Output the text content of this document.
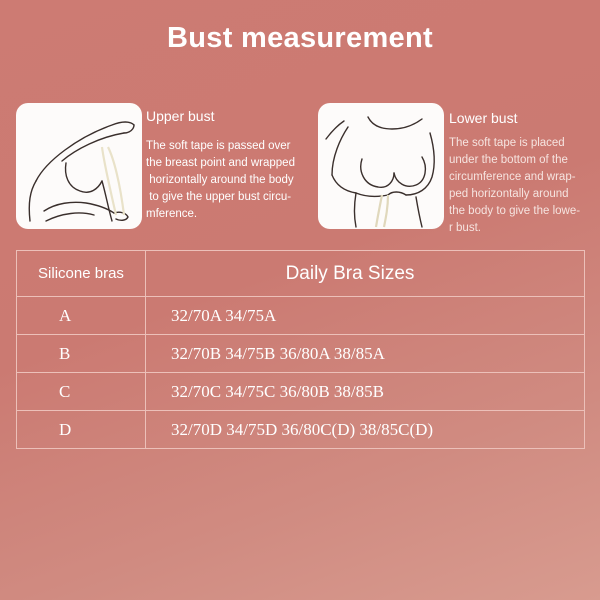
Bust measurement
Upper bust
The soft tape is passed over
the breast point and wrapped
horizontally around the body
to give the upper bust circu-
mference.
Lower bust
The soft tape is placed
under the bottom of the
circumference and wrap-
ped horizontally around
the body to give the lowe-
r bust.
Silicone bras	Daily Bra Sizes
A	32/70A 34/75A
B	32/70B 34/75B 36/80A 38/85A
C	32/70C 34/75C 36/80B 38/85B
D	32/70D 34/75D 36/80C(D) 38/85C(D)
